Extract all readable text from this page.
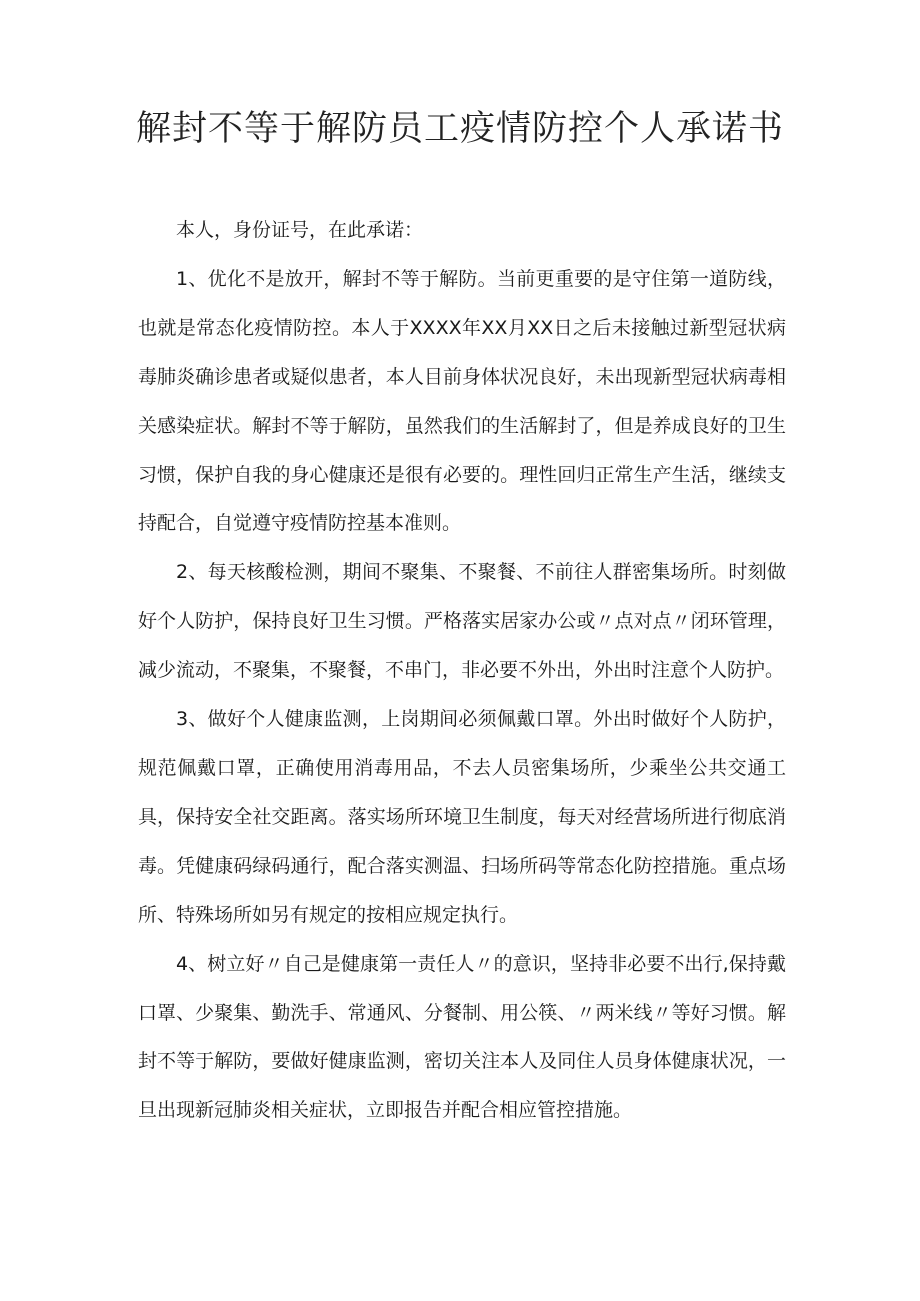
解封不等于解防员工疫情防控个人承诺书

本人，身份证号，在此承诺：

1、优化不是放开，解封不等于解防。当前更重要的是守住第一道防线，也就是常态化疫情防控。本人于XXXX年XX月XX日之后未接触过新型冠状病毒肺炎确诊患者或疑似患者，本人目前身体状况良好，未出现新型冠状病毒相关感染症状。解封不等于解防，虽然我们的生活解封了，但是养成良好的卫生习惯，保护自我的身心健康还是很有必要的。理性回归正常生产生活，继续支持配合，自觉遵守疫情防控基本准则。

2、每天核酸检测，期间不聚集、不聚餐、不前往人群密集场所。时刻做好个人防护，保持良好卫生习惯。严格落实居家办公或〃点对点〃闭环管理，减少流动，不聚集，不聚餐，不串门，非必要不外出，外出时注意个人防护。

3、做好个人健康监测，上岗期间必须佩戴口罩。外出时做好个人防护，规范佩戴口罩，正确使用消毒用品，不去人员密集场所，少乘坐公共交通工具，保持安全社交距离。落实场所环境卫生制度，每天对经营场所进行彻底消毒。凭健康码绿码通行，配合落实测温、扫场所码等常态化防控措施。重点场所、特殊场所如另有规定的按相应规定执行。

4、树立好〃自己是健康第一责任人〃的意识，坚持非必要不出行,保持戴口罩、少聚集、勤洗手、常通风、分餐制、用公筷、〃两米线〃等好习惯。解封不等于解防，要做好健康监测，密切关注本人及同住人员身体健康状况，一旦出现新冠肺炎相关症状，立即报告并配合相应管控措施。
